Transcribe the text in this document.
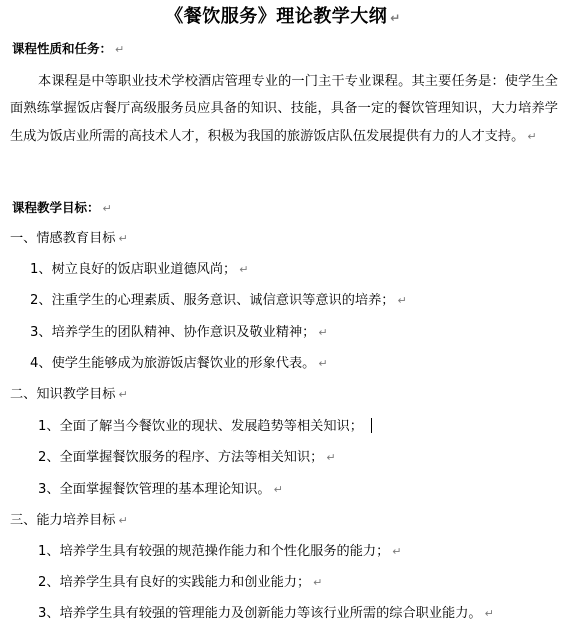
《餐饮服务》理论教学大纲 ↵
课程性质和任务： ↵
本课程是中等职业技术学校酒店管理专业的一门主干专业课程。其主要任务是：使学生全面熟练掌握饭店餐厅高级服务员应具备的知识、技能，具备一定的餐饮管理知识，大力培养学生成为饭店业所需的高技术人才，积极为我国的旅游饭店队伍发展提供有力的人才支持。 ↵
课程教学目标： ↵
一、情感教育目标 ↵
1、树立良好的饭店职业道德风尚； ↵
2、注重学生的心理素质、服务意识、诚信意识等意识的培养； ↵
3、培养学生的团队精神、协作意识及敬业精神； ↵
4、使学生能够成为旅游饭店餐饮业的形象代表。 ↵
二、知识教学目标 ↵
1、全面了解当今餐饮业的现状、发展趋势等相关知识；
2、全面掌握餐饮服务的程序、方法等相关知识； ↵
3、全面掌握餐饮管理的基本理论知识。 ↵
三、能力培养目标 ↵
1、培养学生具有较强的规范操作能力和个性化服务的能力； ↵
2、培养学生具有良好的实践能力和创业能力； ↵
3、培养学生具有较强的管理能力及创新能力等该行业所需的综合职业能力。 ↵
